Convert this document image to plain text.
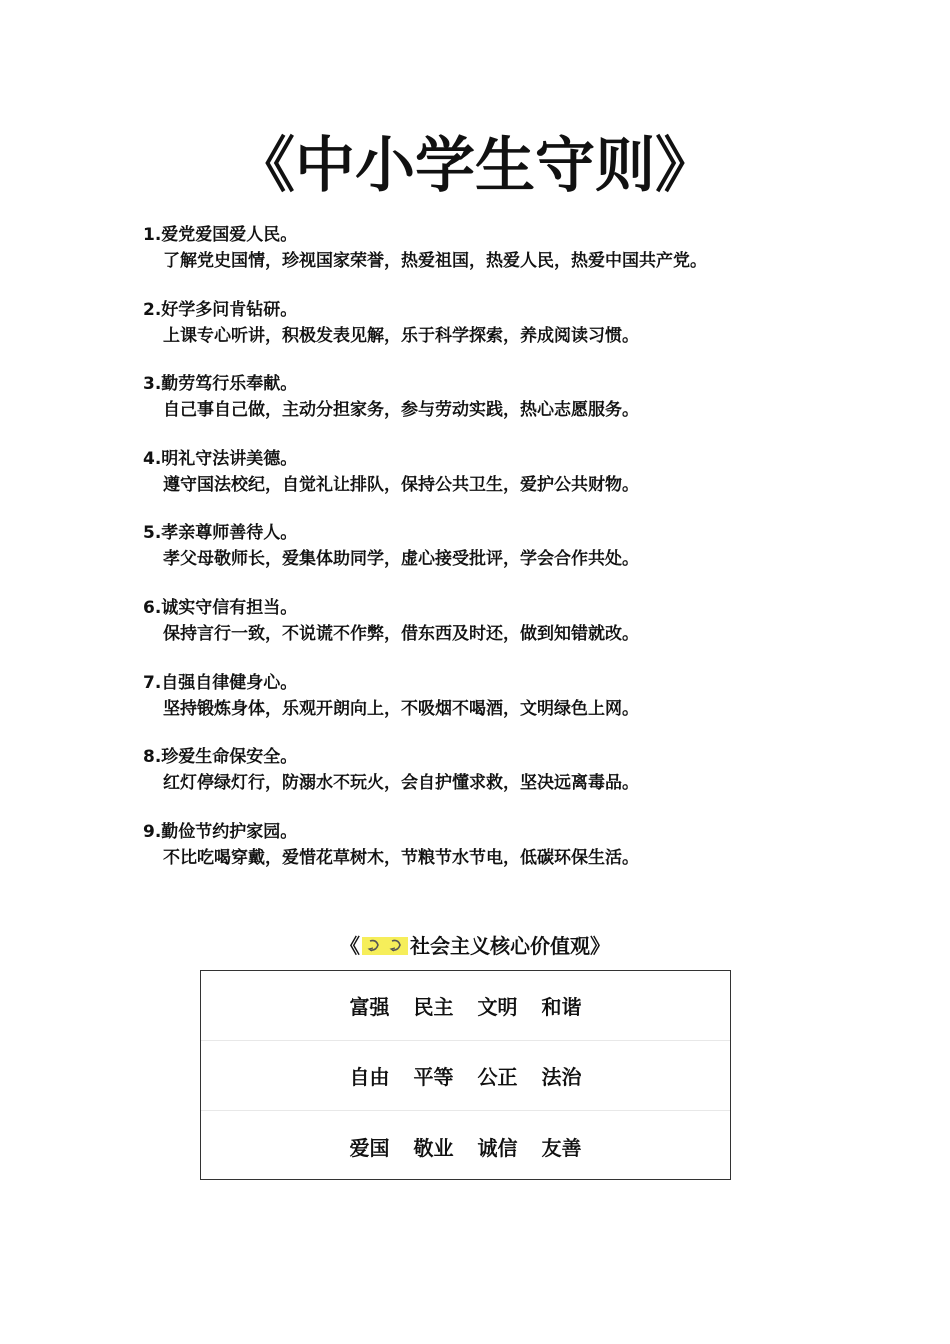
《中小学生守则》
1.爱党爱国爱人民。
了解党史国情，珍视国家荣誉，热爱祖国，热爱人民，热爱中国共产党。
2.好学多问肯钻研。
上课专心听讲，积极发表见解，乐于科学探索，养成阅读习惯。
3.勤劳笃行乐奉献。
自己事自己做，主动分担家务，参与劳动实践，热心志愿服务。
4.明礼守法讲美德。
遵守国法校纪，自觉礼让排队，保持公共卫生，爱护公共财物。
5.孝亲尊师善待人。
孝父母敬师长，爱集体助同学，虚心接受批评，学会合作共处。
6.诚实守信有担当。
保持言行一致，不说谎不作弊，借东西及时还，做到知错就改。
7.自强自律健身心。
坚持锻炼身体，乐观开朗向上，不吸烟不喝酒，文明绿色上网。
8.珍爱生命保安全。
红灯停绿灯行，防溺水不玩火，会自护懂求救，坚决远离毒品。
9.勤俭节约护家园。
不比吃喝穿戴，爱惜花草树木，节粮节水节电，低碳环保生活。
《	社会主义核心价值观》
富强 民主 文明 和谐
自由 平等 公正 法治
爱国 敬业 诚信 友善
